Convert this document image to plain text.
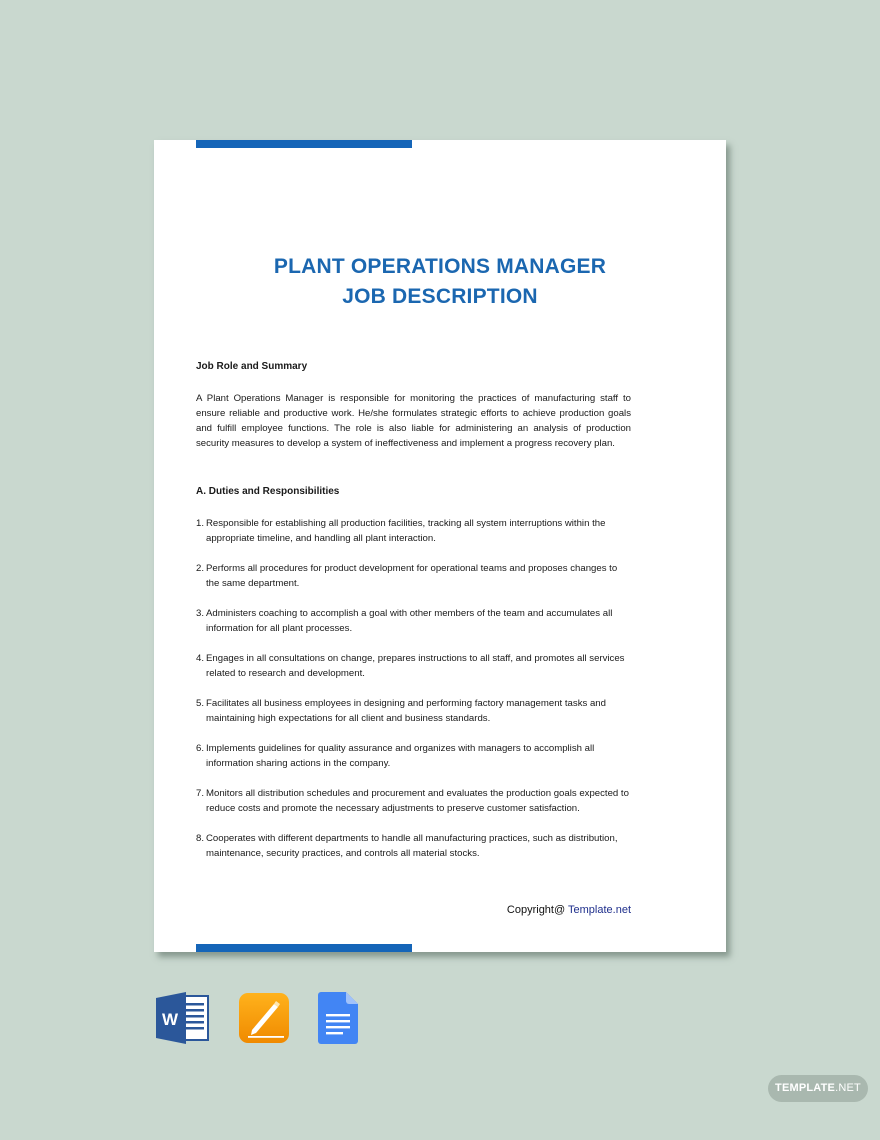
PLANT OPERATIONS MANAGER
JOB DESCRIPTION

Job Role and Summary

A Plant Operations Manager is responsible for monitoring the practices of manufacturing staff to ensure reliable and productive work. He/she formulates strategic efforts to achieve production goals and fulfill employee functions. The role is also liable for administering an analysis of production security measures to develop a system of ineffectiveness and implement a progress recovery plan.

A. Duties and Responsibilities

1. Responsible for establishing all production facilities, tracking all system interruptions within the appropriate timeline, and handling all plant interaction.
2. Performs all procedures for product development for operational teams and proposes changes to the same department.
3. Administers coaching to accomplish a goal with other members of the team and accumulates all information for all plant processes.
4. Engages in all consultations on change, prepares instructions to all staff, and promotes all services related to research and development.
5. Facilitates all business employees in designing and performing factory management tasks and maintaining high expectations for all client and business standards.
6. Implements guidelines for quality assurance and organizes with managers to accomplish all information sharing actions in the company.
7. Monitors all distribution schedules and procurement and evaluates the production goals expected to reduce costs and promote the necessary adjustments to preserve customer satisfaction.
8. Cooperates with different departments to handle all manufacturing practices, such as distribution, maintenance, security practices, and controls all material stocks.
Copyright@ Template.net
W
TEMPLATE.NET
